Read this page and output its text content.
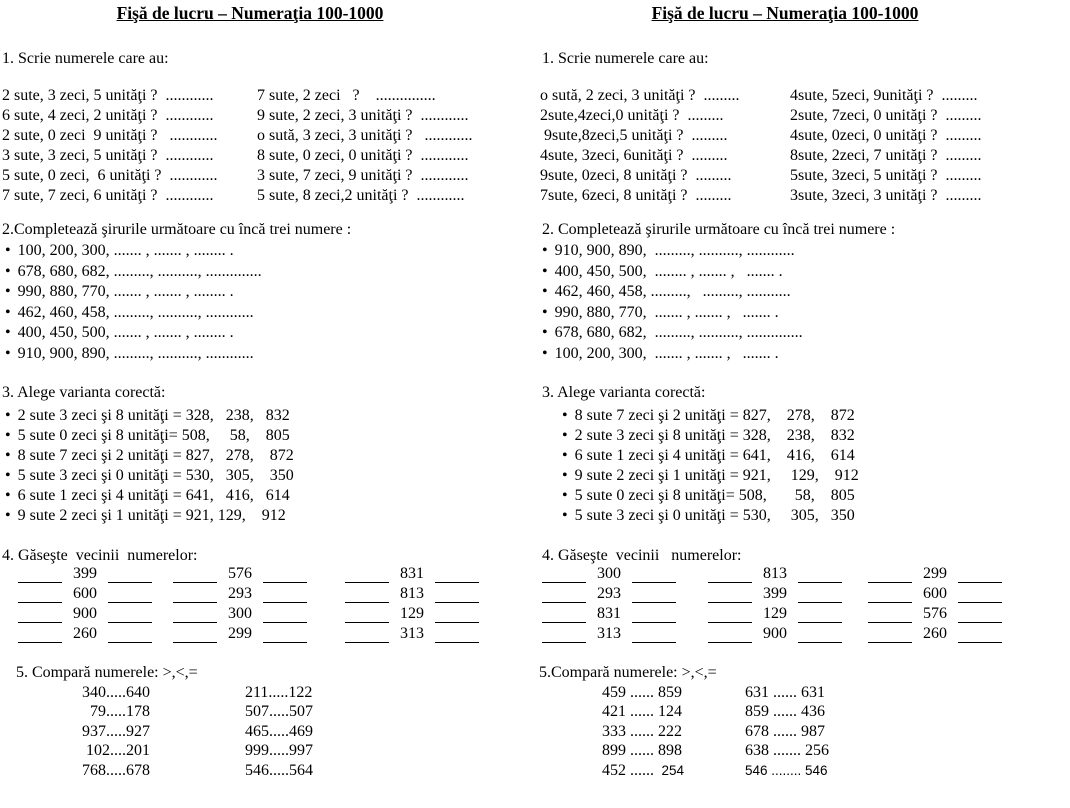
Fişă de lucru – Numeraţia 100-1000
1. Scrie numerele care au:
2 sute, 3 zeci, 5 unităţi ?  ............	7 sute, 2 zeci   ?    ...............
6 sute, 4 zeci, 2 unităţi ?  ............	9 sute, 2 zeci, 3 unităţi ?  ............
2 sute, 0 zeci  9 unităţi ?   ............	o sută, 3 zeci, 3 unităţi ?   ............
3 sute, 3 zeci, 5 unităţi ?  ............	8 sute, 0 zeci, 0 unităţi ?  ............
5 sute, 0 zeci,  6 unităţi ?  ............	3 sute, 7 zeci, 9 unităţi ?  ............
7 sute, 7 zeci, 6 unităţi ?  ............	5 sute, 8 zeci,2 unităţi ?  ............
2.Completează şirurile următoare cu încă trei numere :
• 100, 200, 300, ....... , ....... , ........ .
• 678, 680, 682, ........., .........., ..............
• 990, 880, 770, ....... , ....... , ........ .
• 462, 460, 458, ........., .........., ............
• 400, 450, 500, ....... , ....... , ........ .
• 910, 900, 890, ........., .........., ............
3. Alege varianta corectă:
• 2 sute 3 zeci şi 8 unităţi = 328,   238,   832
• 5 sute 0 zeci şi 8 unităţi= 508,     58,    805
• 8 sute 7 zeci şi 2 unităţi = 827,   278,    872
• 5 sute 3 zeci şi 0 unităţi = 530,   305,    350
• 6 sute 1 zeci şi 4 unităţi = 641,   416,   614
• 9 sute 2 zeci şi 1 unităţi = 921, 129,    912
4. Găseşte  vecinii  numerelor:
399	576	831
600	293	813
900	300	129
260	299	313
5. Compară numerele: >,<,=
340.....640	211.....122
79.....178	507.....507
937.....927	465.....469
102....201	999.....997
768.....678	546.....564
Fişă de lucru – Numeraţia 100-1000
1. Scrie numerele care au:
o sută, 2 zeci, 3 unităţi ?  .........	4sute, 5zeci, 9unităţi ?  .........
2sute,4zeci,0 unităţi ?  .........	2sute, 7zeci, 0 unităţi ?  .........
9sute,8zeci,5 unităţi ?  .........	4sute, 0zeci, 0 unităţi ?  .........
4sute, 3zeci, 6unităţi ?  .........	8sute, 2zeci, 7 unităţi ?  .........
9sute, 0zeci, 8 unităţi ?  .........	5sute, 3zeci, 5 unităţi ?  .........
7sute, 6zeci, 8 unităţi ?  .........	3sute, 3zeci, 3 unităţi ?  .........
2. Completează şirurile următoare cu încă trei numere :
• 910, 900, 890,  ........., .........., ............
• 400, 450, 500,  ........ , ....... ,   ....... .
• 462, 460, 458, .........,   ........., ...........
• 990, 880, 770,  ....... , ....... ,   ....... .
• 678, 680, 682,  ........., .........., ..............
• 100, 200, 300,  ....... , ....... ,   ....... .
3. Alege varianta corectă:
• 8 sute 7 zeci şi 2 unităţi = 827,    278,    872
• 2 sute 3 zeci şi 8 unităţi = 328,    238,    832
• 6 sute 1 zeci şi 4 unităţi = 641,    416,    614
• 9 sute 2 zeci şi 1 unităţi = 921,     129,    912
• 5 sute 0 zeci şi 8 unităţi= 508,       58,    805
• 5 sute 3 zeci şi 0 unităţi = 530,     305,   350
4. Găseşte  vecinii   numerelor:
300	813	299
293	399	600
831	129	576
313	900	260
5.Compară numerele: >,<,=
459 ...... 859	631 ...... 631
421 ...... 124	859 ...... 436
333 ...... 222	678 ...... 987
899 ...... 898	638 ....... 256
452 ......  254	546 ........ 546
